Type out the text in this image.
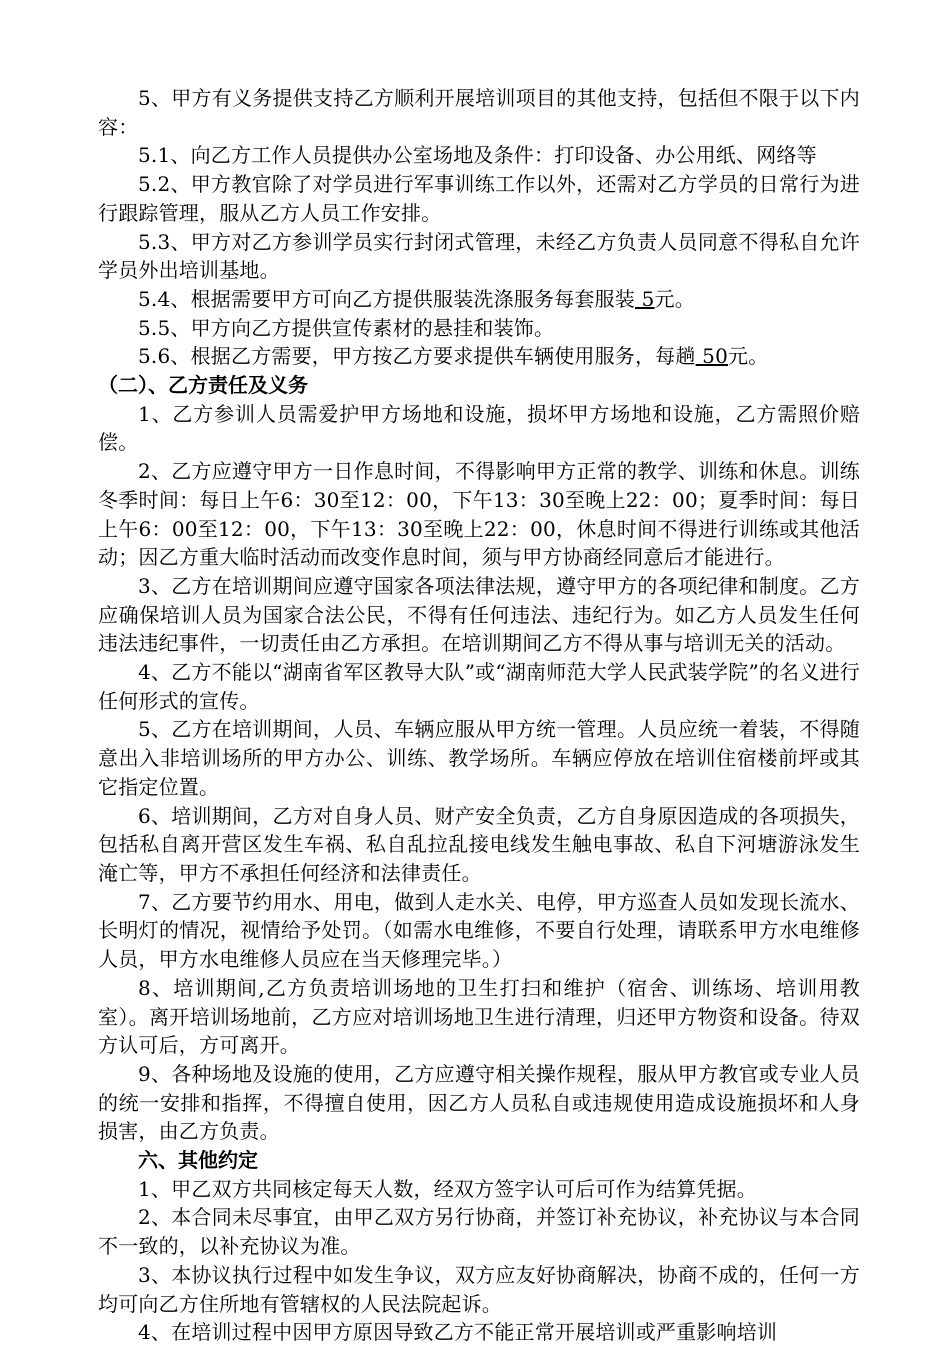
5、甲方有义务提供支持乙方顺利开展培训项目的其他支持，包括但不限于以下内容：

5.1、向乙方工作人员提供办公室场地及条件：打印设备、办公用纸、网络等

5.2、甲方教官除了对学员进行军事训练工作以外，还需对乙方学员的日常行为进行跟踪管理，服从乙方人员工作安排。

5.3、甲方对乙方参训学员实行封闭式管理，未经乙方负责人员同意不得私自允许学员外出培训基地。

5.4、根据需要甲方可向乙方提供服装洗涤服务每套服装 5元。

5.5、甲方向乙方提供宣传素材的悬挂和装饰。

5.6、根据乙方需要，甲方按乙方要求提供车辆使用服务，每趟 50元。

（二）、乙方责任及义务

1、乙方参训人员需爱护甲方场地和设施，损坏甲方场地和设施，乙方需照价赔偿。

2、乙方应遵守甲方一日作息时间，不得影响甲方正常的教学、训练和休息。训练冬季时间：每日上午6：30至12：00，下午13：30至晚上22：00；夏季时间：每日上午6：00至12：00，下午13：30至晚上22：00，休息时间不得进行训练或其他活动；因乙方重大临时活动而改变作息时间，须与甲方协商经同意后才能进行。

3、乙方在培训期间应遵守国家各项法律法规，遵守甲方的各项纪律和制度。乙方应确保培训人员为国家合法公民，不得有任何违法、违纪行为。如乙方人员发生任何违法违纪事件，一切责任由乙方承担。在培训期间乙方不得从事与培训无关的活动。

4、乙方不能以“湖南省军区教导大队”或“湖南师范大学人民武装学院”的名义进行任何形式的宣传。

5、乙方在培训期间，人员、车辆应服从甲方统一管理。人员应统一着装，不得随意出入非培训场所的甲方办公、训练、教学场所。车辆应停放在培训住宿楼前坪或其它指定位置。

6、培训期间，乙方对自身人员、财产安全负责，乙方自身原因造成的各项损失，包括私自离开营区发生车祸、私自乱拉乱接电线发生触电事故、私自下河塘游泳发生淹亡等，甲方不承担任何经济和法律责任。

7、乙方要节约用水、用电，做到人走水关、电停，甲方巡查人员如发现长流水、长明灯的情况，视情给予处罚。（如需水电维修，不要自行处理，请联系甲方水电维修人员，甲方水电维修人员应在当天修理完毕。）

8、培训期间,乙方负责培训场地的卫生打扫和维护（宿舍、训练场、培训用教室）。离开培训场地前，乙方应对培训场地卫生进行清理，归还甲方物资和设备。待双方认可后，方可离开。

9、各种场地及设施的使用，乙方应遵守相关操作规程，服从甲方教官或专业人员的统一安排和指挥，不得擅自使用，因乙方人员私自或违规使用造成设施损坏和人身损害，由乙方负责。

六、其他约定

1、甲乙双方共同核定每天人数，经双方签字认可后可作为结算凭据。

2、本合同未尽事宜，由甲乙双方另行协商，并签订补充协议，补充协议与本合同不一致的，以补充协议为准。

3、本协议执行过程中如发生争议，双方应友好协商解决，协商不成的，任何一方均可向乙方住所地有管辖权的人民法院起诉。

4、在培训过程中因甲方原因导致乙方不能正常开展培训或严重影响培训
